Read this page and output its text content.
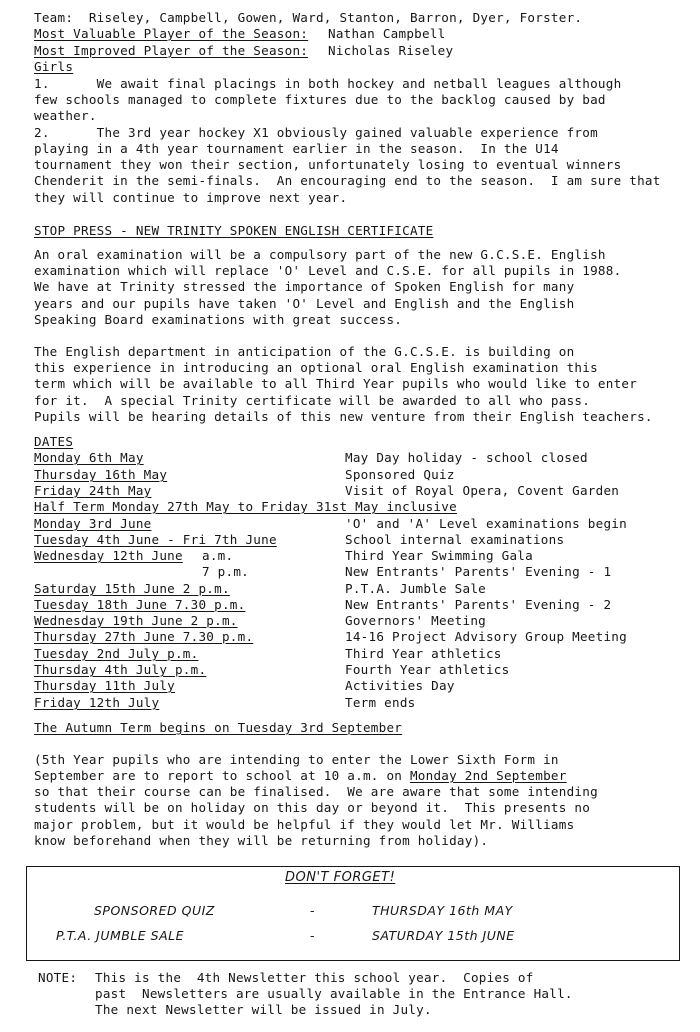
Team:  Riseley, Campbell, Gowen, Ward, Stanton, Barron, Dyer, Forster.
Most Valuable Player of the Season: Nathan Campbell
Most Improved Player of the Season: Nicholas Riseley
Girls
1.      We await final placings in both hockey and netball leagues although
few schools managed to complete fixtures due to the backlog caused by bad
weather.
2.      The 3rd year hockey X1 obviously gained valuable experience from
playing in a 4th year tournament earlier in the season.  In the U14
tournament they won their section, unfortunately losing to eventual winners
Chenderit in the semi-finals.  An encouraging end to the season.  I am sure that
they will continue to improve next year.
STOP PRESS - NEW TRINITY SPOKEN ENGLISH CERTIFICATE
An oral examination will be a compulsory part of the new G.C.S.E. English
examination which will replace 'O' Level and C.S.E. for all pupils in 1988.
We have at Trinity stressed the importance of Spoken English for many
years and our pupils have taken 'O' Level and English and the English
Speaking Board examinations with great success.
The English department in anticipation of the G.C.S.E. is building on
this experience in introducing an optional oral English examination this
term which will be available to all Third Year pupils who would like to enter
for it.  A special Trinity certificate will be awarded to all who pass.
Pupils will be hearing details of this new venture from their English teachers.
DATES
Monday 6th May	May Day holiday - school closed
Thursday 16th May	Sponsored Quiz
Friday 24th May	Visit of Royal Opera, Covent Garden
Half Term Monday 27th May to Friday 31st May inclusive
Monday 3rd June	'O' and 'A' Level examinations begin
Tuesday 4th June - Fri 7th June	School internal examinations
Wednesday 12th June a.m.	Third Year Swimming Gala
7 p.m.	New Entrants' Parents' Evening - 1
Saturday 15th June 2 p.m.	P.T.A. Jumble Sale
Tuesday 18th June 7.30 p.m.	New Entrants' Parents' Evening - 2
Wednesday 19th June 2 p.m.	Governors' Meeting
Thursday 27th June 7.30 p.m.	14-16 Project Advisory Group Meeting
Tuesday 2nd July p.m.	Third Year athletics
Thursday 4th July p.m.	Fourth Year athletics
Thursday 11th July	Activities Day
Friday 12th July	Term ends
The Autumn Term begins on Tuesday 3rd September
(5th Year pupils who are intending to enter the Lower Sixth Form in
September are to report to school at 10 a.m. on Monday 2nd September
so that their course can be finalised.  We are aware that some intending
students will be on holiday on this day or beyond it.  This presents no
major problem, but it would be helpful if they would let Mr. Williams
know beforehand when they will be returning from holiday).
DON'T FORGET!
SPONSORED QUIZ	-	THURSDAY 16th MAY
P.T.A. JUMBLE SALE	-	SATURDAY 15th JUNE
NOTE: This is the  4th Newsletter this school year.  Copies of
past  Newsletters are usually available in the Entrance Hall.
The next Newsletter will be issued in July.
